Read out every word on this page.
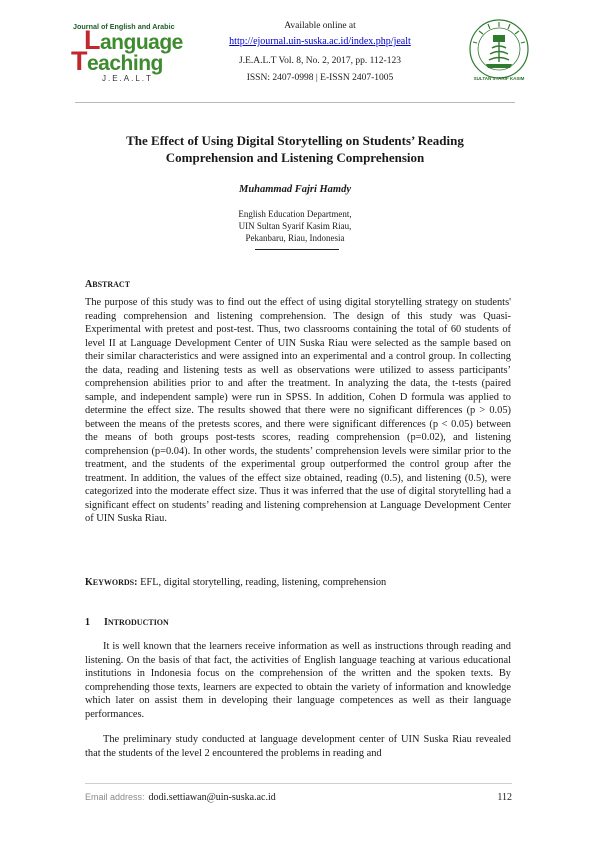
Journal of English and Arabic
Language
Teaching
J.E.A.L.T
Available online at
http://ejournal.uin-suska.ac.id/index.php/jealt
J.E.A.L.T Vol. 8, No. 2, 2017, pp. 112-123
ISSN: 2407-0998 | E-ISSN 2407-1005	SULTAN SYARIF KASIM
The Effect of Using Digital Storytelling on Students’ Reading
Comprehension and Listening Comprehension
Muhammad Fajri Hamdy
English Education Department,
UIN Sultan Syarif Kasim Riau,
Pekanbaru, Riau, Indonesia
ABSTRACT
The purpose of this study was to find out the effect of using digital storytelling strategy on students' reading comprehension and listening comprehension. The design of this study was Quasi-Experimental with pretest and post-test. Thus, two classrooms containing the total of 60 students of level II at Language Development Center of UIN Suska Riau were selected as the sample based on their similar characteristics and were assigned into an experimental and a control group. In collecting the data, reading and listening tests as well as observations were utilized to assess participants’ comprehension abilities prior to and after the treatment. In analyzing the data, the t-tests (paired sample, and independent sample) were run in SPSS. In addition, Cohen D formula was applied to determine the effect size. The results showed that there were no significant differences (p > 0.05) between the means of the pretests scores, and there were significant differences (p < 0.05) between the means of both groups post-tests scores, reading comprehension (p=0.02), and listening comprehension (p=0.04). In other words, the students’ comprehension levels were similar prior to the treatment, and the students of the experimental group outperformed the control group after the treatment. In addition, the values of the effect size obtained, reading (0.5), and listening (0.5), were categorized into the moderate effect size. Thus it was inferred that the use of digital storytelling had a significant effect on students’ reading and listening comprehension at Language Development Center of UIN Suska Riau.
KEYWORDS: EFL, digital storytelling, reading, listening, comprehension
1 INTRODUCTION
It is well known that the learners receive information as well as instructions through reading and listening. On the basis of that fact, the activities of English language teaching at various educational institutions in Indonesia focus on the comprehension of the written and the spoken texts. By comprehending those texts, learners are expected to obtain the variety of information and knowledge which later on assist them in developing their language competences as well as their language performances.
The preliminary study conducted at language development center of UIN Suska Riau revealed that the students of the level 2 encountered the problems in reading and
Email address: dodi.settiawan@uin-suska.ac.id	112
